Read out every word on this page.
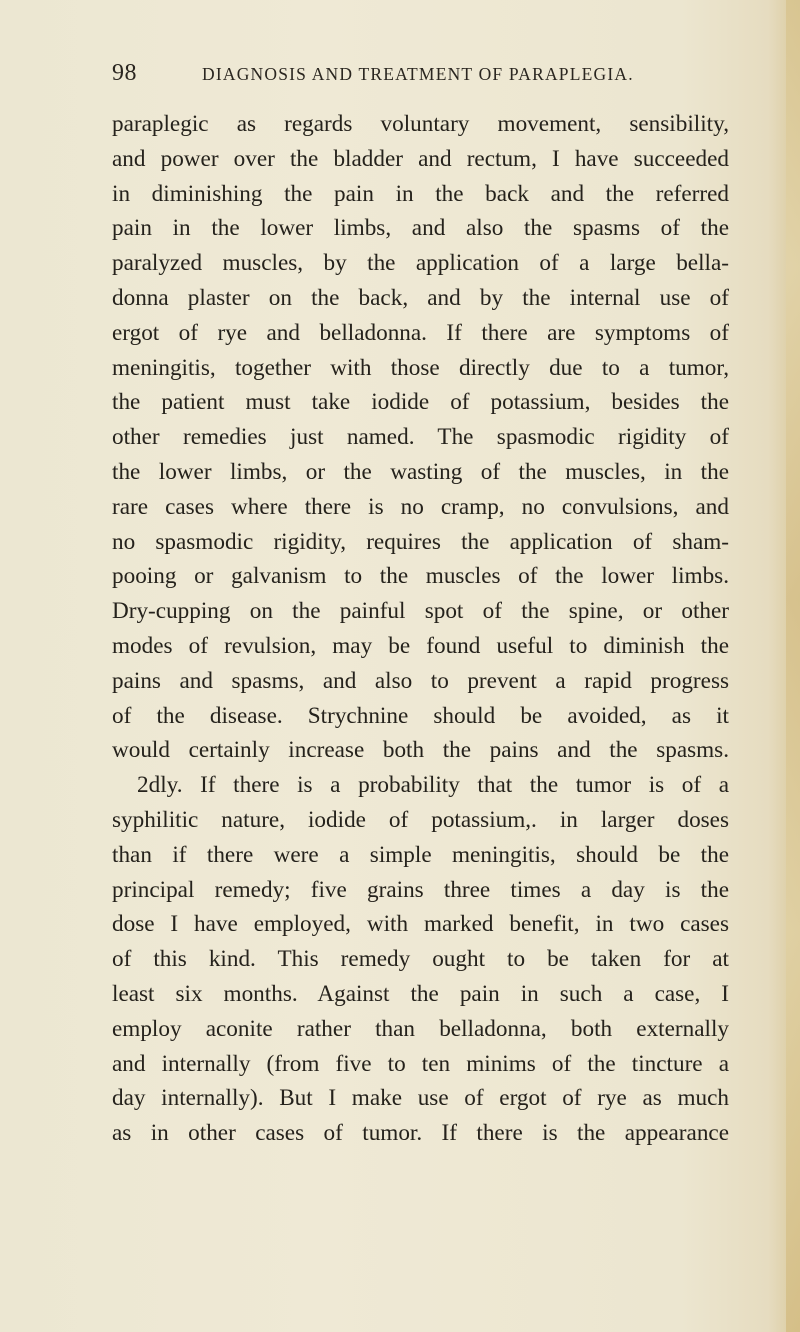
98	DIAGNOSIS AND TREATMENT OF PARAPLEGIA.
paraplegic as regards voluntary movement, sensibility,
and power over the bladder and rectum, I have succeeded
in diminishing the pain in the back and the referred
pain in the lower limbs, and also the spasms of the
paralyzed muscles, by the application of a large bella-
donna plaster on the back, and by the internal use of
ergot of rye and belladonna. If there are symptoms of
meningitis, together with those directly due to a tumor,
the patient must take iodide of potassium, besides the
other remedies just named. The spasmodic rigidity of
the lower limbs, or the wasting of the muscles, in the
rare cases where there is no cramp, no convulsions, and
no spasmodic rigidity, requires the application of sham-
pooing or galvanism to the muscles of the lower limbs.
Dry-cupping on the painful spot of the spine, or other
modes of revulsion, may be found useful to diminish the
pains and spasms, and also to prevent a rapid progress
of the disease. Strychnine should be avoided, as it
would certainly increase both the pains and the spasms.
2dly. If there is a probability that the tumor is of a
syphilitic nature, iodide of potassium,. in larger doses
than if there were a simple meningitis, should be the
principal remedy; five grains three times a day is the
dose I have employed, with marked benefit, in two cases
of this kind. This remedy ought to be taken for at
least six months. Against the pain in such a case, I
employ aconite rather than belladonna, both externally
and internally (from five to ten minims of the tincture a
day internally). But I make use of ergot of rye as much
as in other cases of tumor. If there is the appearance
